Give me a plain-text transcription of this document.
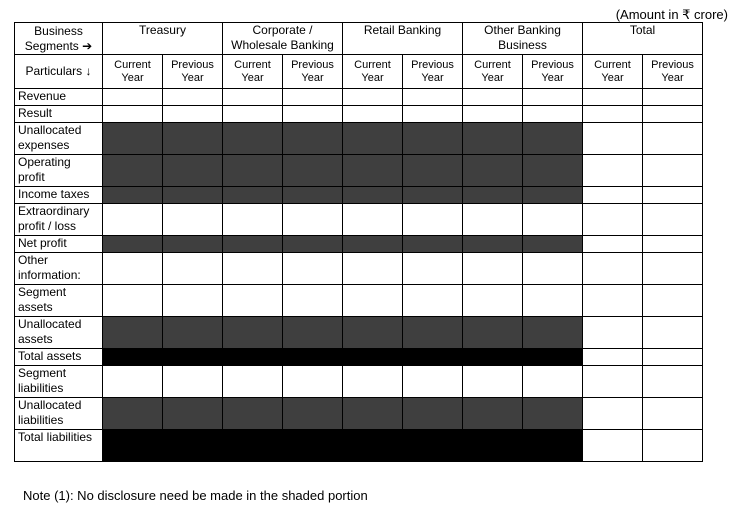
(Amount in ₹ crore)
Business Segments ➔	Treasury		Corporate / Wholesale Banking		Retail Banking		Other Banking Business		Total	
Particulars ↓	Current Year	Previous Year	Current Year	Previous Year	Current Year	Previous Year	Current Year	Previous Year	Current Year	Previous Year
Revenue										
Result										
Unallocated expenses										
Operating profit										
Income taxes										
Extraordinary profit / loss										
Net profit										
Other information:										
Segment assets										
Unallocated assets										
Total assets										
Segment liabilities										
Unallocated liabilities										
Total liabilities										
Note (1): No disclosure need be made in the shaded portion
